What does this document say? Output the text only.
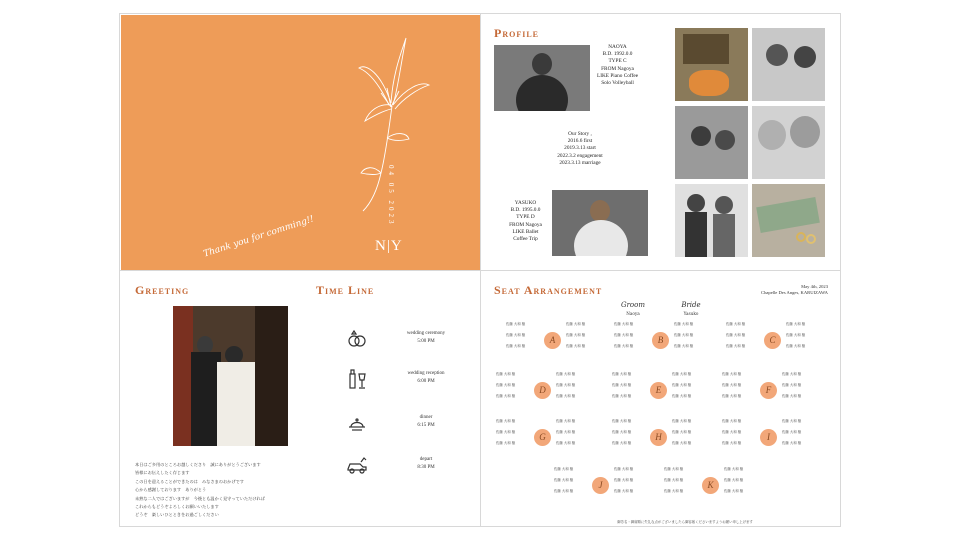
04 05 2023
Thank you for comming!!	N|Y
Profile
NAOYA
B.D. 1992.0.0
TYPE C
FROM Nagoya
LIKE Piano Coffee
Solo Volleyball
Our Story ,
2016.6 first
2019.3.13 start
2022.3.2 engagement
2023.3.13 marriage
YASUKO
B.D. 1995.0.0
TYPE D
FROM Nagoya
LIKE Ballet
Coffee Trip
Greeting
本日はご多用のところお越しくださり　誠にありがとうございます
皆様にお伝えしたく存じます
この日を迎えることができたのは　みなさまのおかげです
心から感謝しております　ありがとう
未熟な二人ではございますが　今後とも温かく見守っていただければ
これからもどうぞよろしくお願いいたします
どうぞ　楽しいひとときをお過ごしください
Time Line
wedding ceremony
5:00 PM
wedding reception
6:00 PM
dinner
6:15 PM
depart
8:30 PM
Seat Arrangement	May 4th, 2023
Chapelle Des Anges, KARUIZAWA
Groom
Naoya
Bride
Yasuko
A
佐藤 大和 様
佐藤 大和 様
佐藤 大和 様
佐藤 大和 様
佐藤 大和 様
佐藤 大和 様
B
佐藤 大和 様
佐藤 大和 様
佐藤 大和 様
佐藤 大和 様
佐藤 大和 様
佐藤 大和 様
C
佐藤 大和 様
佐藤 大和 様
佐藤 大和 様
佐藤 大和 様
佐藤 大和 様
佐藤 大和 様
D
佐藤 大和 様
佐藤 大和 様
佐藤 大和 様
佐藤 大和 様
佐藤 大和 様
佐藤 大和 様
E
佐藤 大和 様
佐藤 大和 様
佐藤 大和 様
佐藤 大和 様
佐藤 大和 様
佐藤 大和 様
F
佐藤 大和 様
佐藤 大和 様
佐藤 大和 様
佐藤 大和 様
佐藤 大和 様
佐藤 大和 様
G
佐藤 大和 様
佐藤 大和 様
佐藤 大和 様
佐藤 大和 様
佐藤 大和 様
佐藤 大和 様
H
佐藤 大和 様
佐藤 大和 様
佐藤 大和 様
佐藤 大和 様
佐藤 大和 様
佐藤 大和 様
I
佐藤 大和 様
佐藤 大和 様
佐藤 大和 様
佐藤 大和 様
佐藤 大和 様
佐藤 大和 様
J
佐藤 大和 様
佐藤 大和 様
佐藤 大和 様
佐藤 大和 様
佐藤 大和 様
佐藤 大和 様
K
佐藤 大和 様
佐藤 大和 様
佐藤 大和 様
佐藤 大和 様
佐藤 大和 様
佐藤 大和 様
御芳名・御席順に失礼な点がございましたら御容赦くださいますようお願い申し上げます
